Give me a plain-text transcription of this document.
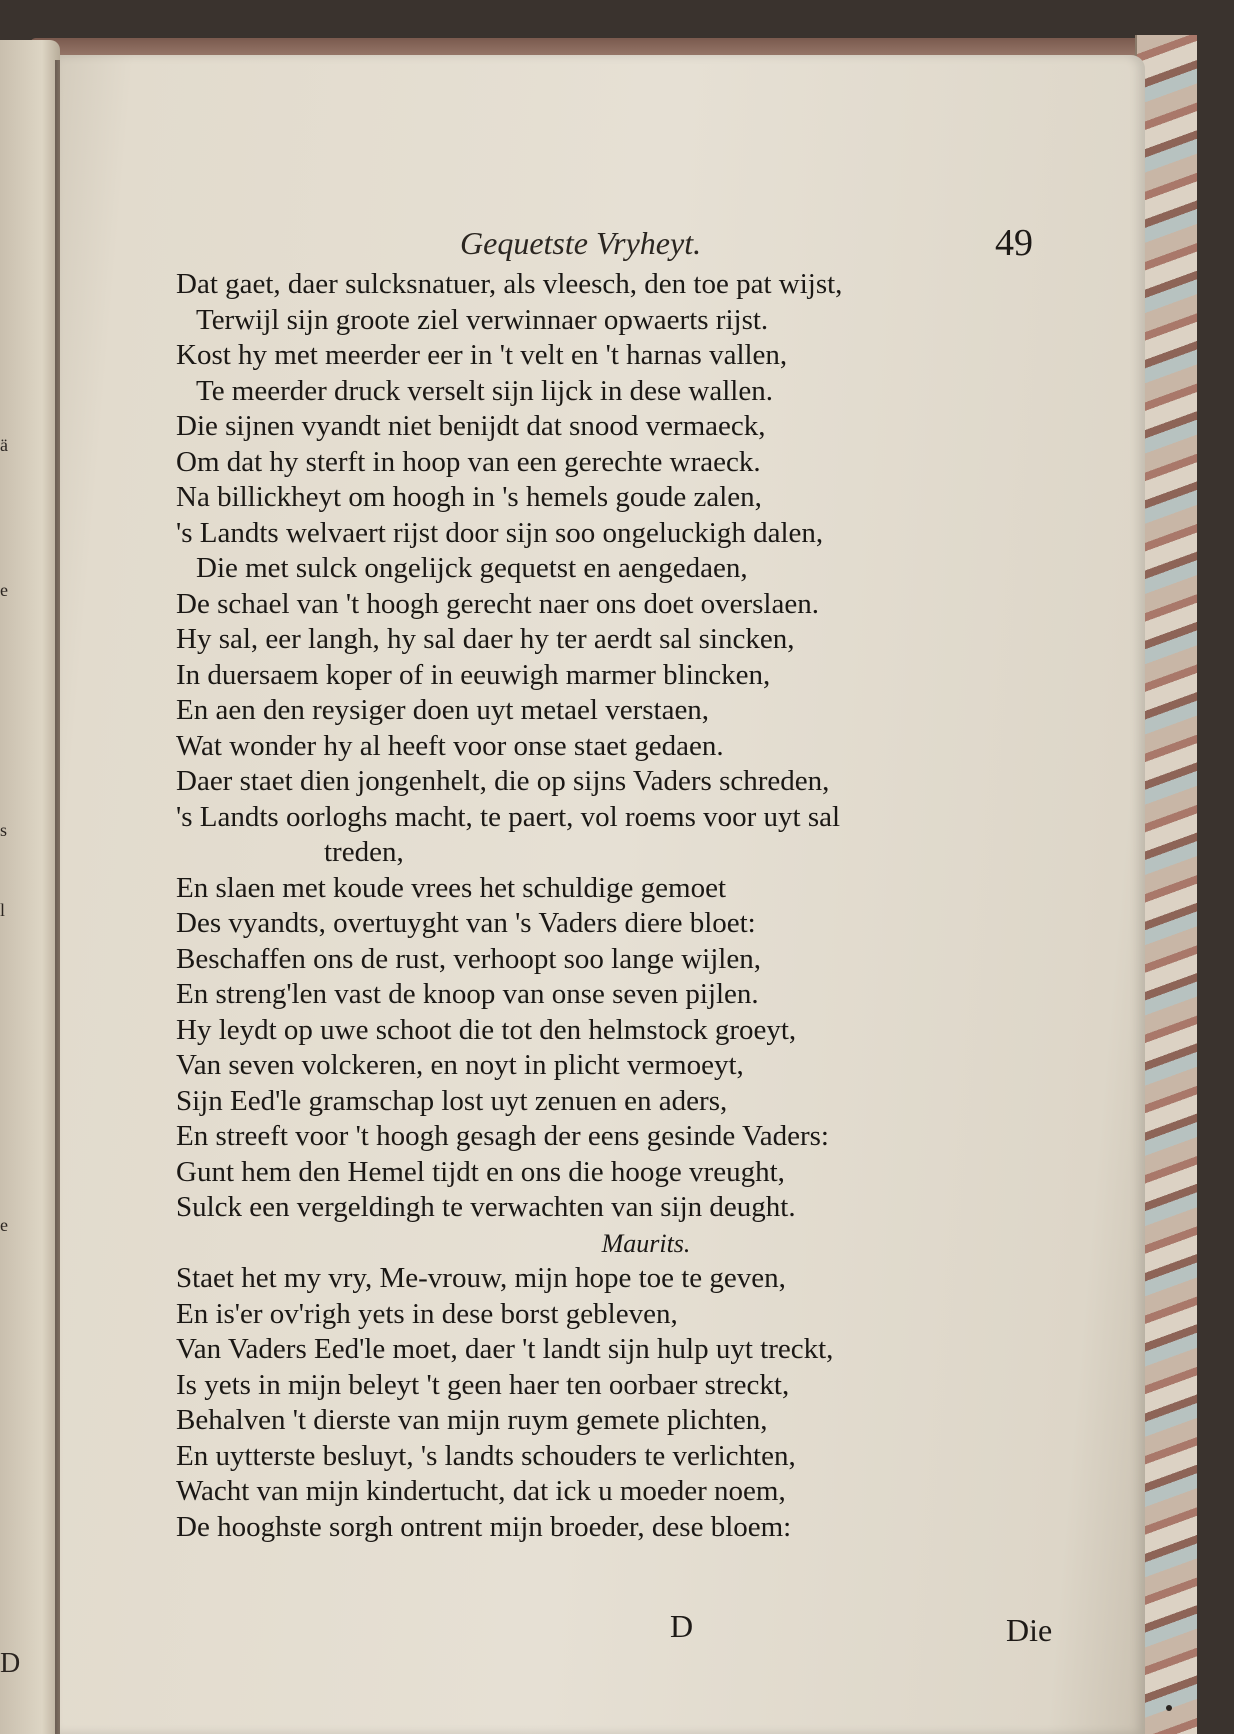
ä
e
s
l
e
D
Gequetste Vryheyt.	49
Dat gaet, daer sulcksnatuer, als vleesch, den toe pat wijst,
Terwijl sijn groote ziel verwinnaer opwaerts rijst.
Kost hy met meerder eer in 't velt en 't harnas vallen,
Te meerder druck verselt sijn lijck in dese wallen.
Die sijnen vyandt niet benijdt dat snood vermaeck,
Om dat hy sterft in hoop van een gerechte wraeck.
Na billickheyt om hoogh in 's hemels goude zalen,
's Landts welvaert rijst door sijn soo ongeluckigh dalen,
Die met sulck ongelijck gequetst en aengedaen,
De schael van 't hoogh gerecht naer ons doet overslaen.
Hy sal, eer langh, hy sal daer hy ter aerdt sal sincken,
In duersaem koper of in eeuwigh marmer blincken,
En aen den reysiger doen uyt metael verstaen,
Wat wonder hy al heeft voor onse staet gedaen.
Daer staet dien jongenhelt, die op sijns Vaders schreden,
's Landts oorloghs macht, te paert, vol roems voor uyt sal
treden,
En slaen met koude vrees het schuldige gemoet
Des vyandts, overtuyght van 's Vaders diere bloet:
Beschaffen ons de rust, verhoopt soo lange wijlen,
En streng'len vast de knoop van onse seven pijlen.
Hy leydt op uwe schoot die tot den helmstock groeyt,
Van seven volckeren, en noyt in plicht vermoeyt,
Sijn Eed'le gramschap lost uyt zenuen en aders,
En streeft voor 't hoogh gesagh der eens gesinde Vaders:
Gunt hem den Hemel tijdt en ons die hooge vreught,
Sulck een vergeldingh te verwachten van sijn deught.
Maurits.
Staet het my vry, Me-vrouw, mijn hope toe te geven,
En is'er ov'righ yets in dese borst gebleven,
Van Vaders Eed'le moet, daer 't landt sijn hulp uyt treckt,
Is yets in mijn beleyt 't geen haer ten oorbaer streckt,
Behalven 't dierste van mijn ruym gemete plichten,
En uytterste besluyt, 's landts schouders te verlichten,
Wacht van mijn kindertucht, dat ick u moeder noem,
De hooghste sorgh ontrent mijn broeder, dese bloem:
D	Die
